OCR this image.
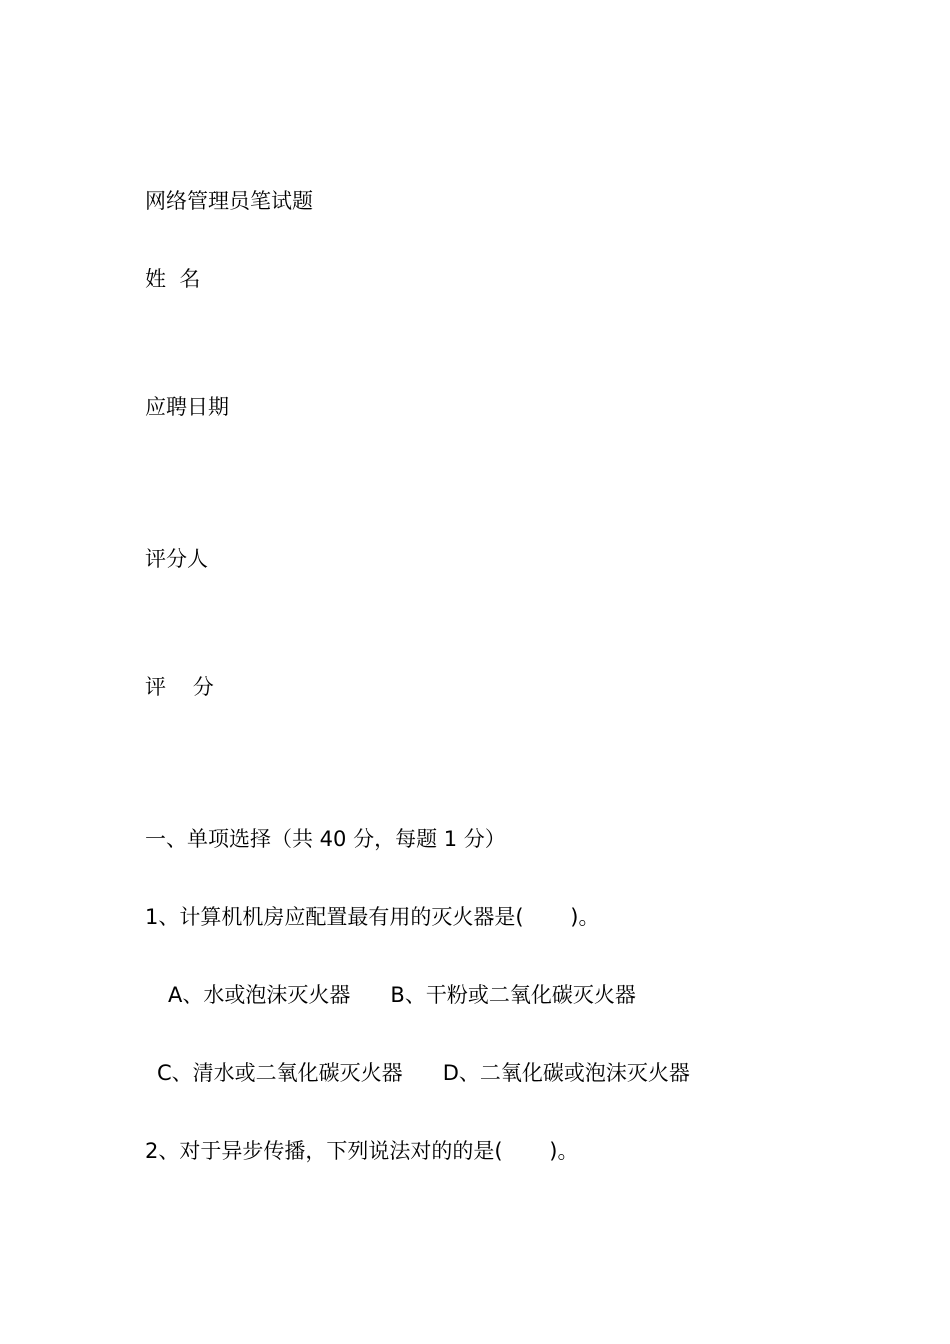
网络管理员笔试题

姓  名

应聘日期

评分人

评    分

一、单项选择（共 40 分，每题 1 分）

1、计算机机房应配置最有用的灭火器是(       )。

A、水或泡沫灭火器      B、干粉或二氧化碳灭火器

C、清水或二氧化碳灭火器      D、二氧化碳或泡沫灭火器

2、对于异步传播，下列说法对的的是(       )。
